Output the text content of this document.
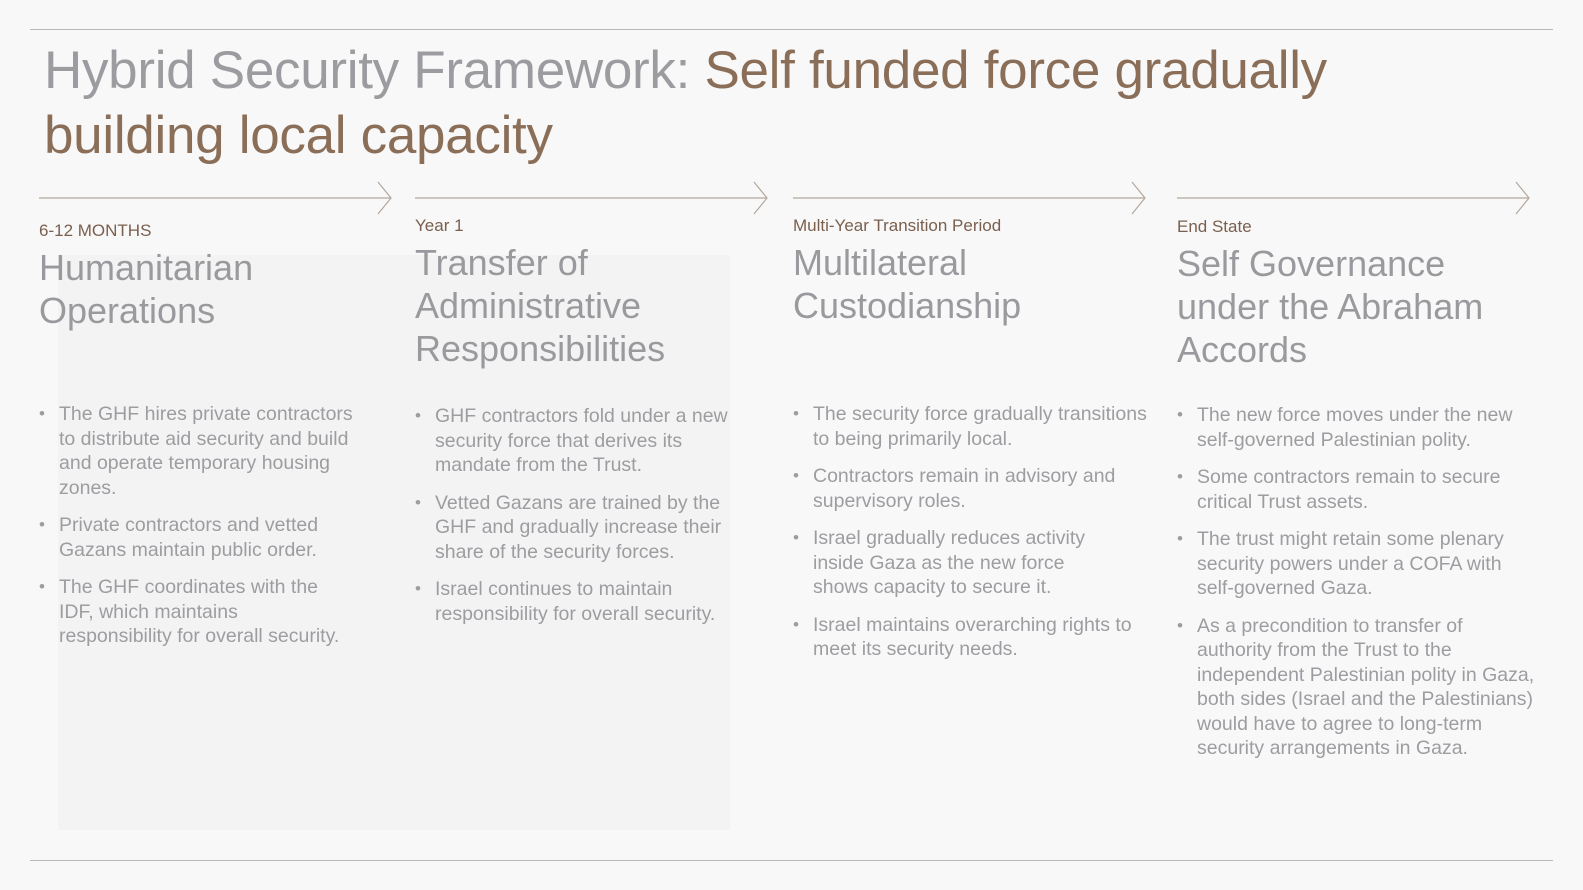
Hybrid Security Framework: Self funded force gradually building local capacity
6-12 MONTHS
Humanitarian Operations
• The GHF hires private contractors to distribute aid security and build and operate temporary housing zones.
• Private contractors and vetted Gazans maintain public order.
• The GHF coordinates with the IDF, which maintains responsibility for overall security.
Year 1
Transfer of Administrative Responsibilities
• GHF contractors fold under a new security force that derives its mandate from the Trust.
• Vetted Gazans are trained by the GHF and gradually increase their share of the security forces.
• Israel continues to maintain responsibility for overall security.
Multi-Year Transition Period
Multilateral Custodianship
• The security force gradually transitions to being primarily local.
• Contractors remain in advisory and supervisory roles.
• Israel gradually reduces activity inside Gaza as the new force shows capacity to secure it.
• Israel maintains overarching rights to meet its security needs.
End State
Self Governance under the Abraham Accords
• The new force moves under the new self-governed Palestinian polity.
• Some contractors remain to secure critical Trust assets.
• The trust might retain some plenary security powers under a COFA with self-governed Gaza.
• As a precondition to transfer of authority from the Trust to the independent Palestinian polity in Gaza, both sides (Israel and the Palestinians) would have to agree to long-term security arrangements in Gaza.
